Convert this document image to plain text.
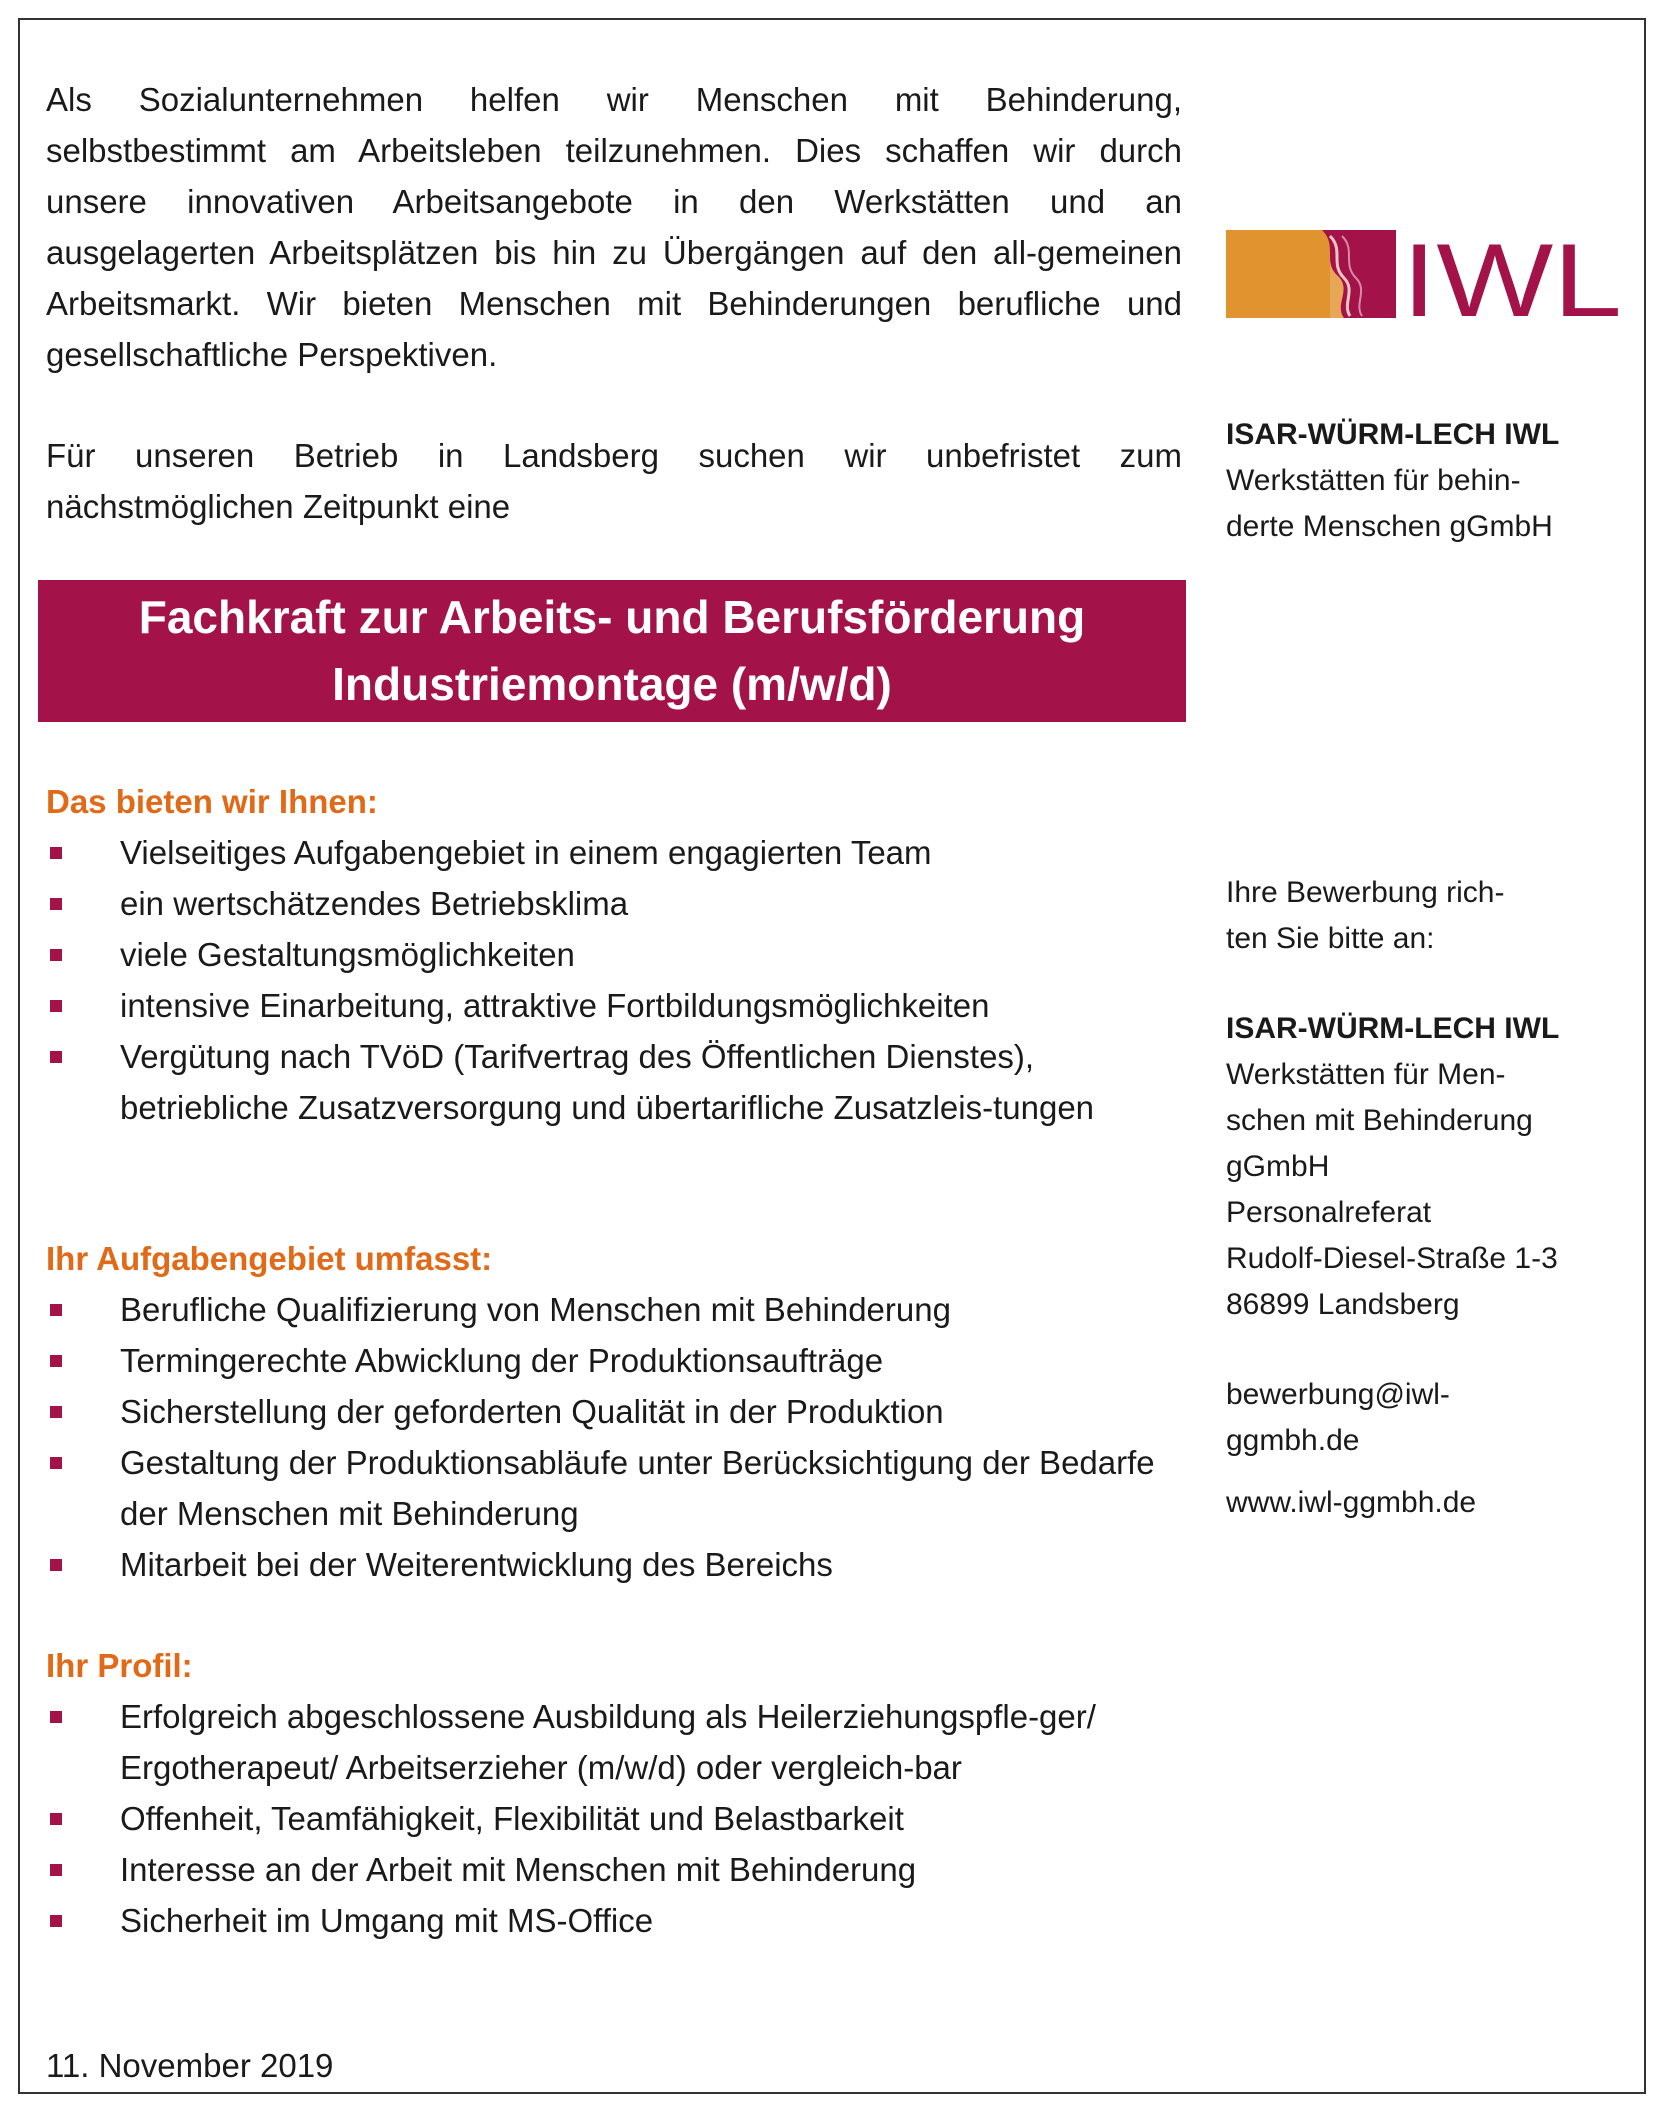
Als Sozialunternehmen helfen wir Menschen mit Behinderung, selbstbestimmt am Arbeitsleben teilzunehmen. Dies schaffen wir durch unsere innovativen Arbeitsangebote in den Werkstätten und an ausgelagerten Arbeitsplätzen bis hin zu Übergängen auf den all-gemeinen Arbeitsmarkt. Wir bieten Menschen mit Behinderungen berufliche und gesellschaftliche Perspektiven.

Für unseren Betrieb in Landsberg suchen wir unbefristet zum nächstmöglichen Zeitpunkt eine

Fachkraft zur Arbeits- und Berufsförderung
Industriemontage (m/w/d)

Das bieten wir Ihnen:

Vielseitiges Aufgabengebiet in einem engagierten Team
ein wertschätzendes Betriebsklima
viele Gestaltungsmöglichkeiten
intensive Einarbeitung, attraktive Fortbildungsmöglichkeiten
Vergütung nach TVöD (Tarifvertrag des Öffentlichen Dienstes), betriebliche Zusatzversorgung und übertarifliche Zusatzleis-tungen

Ihr Aufgabengebiet umfasst:

Berufliche Qualifizierung von Menschen mit Behinderung
Termingerechte Abwicklung der Produktionsaufträge
Sicherstellung der geforderten Qualität in der Produktion
Gestaltung der Produktionsabläufe unter Berücksichtigung der Bedarfe der Menschen mit Behinderung
Mitarbeit bei der Weiterentwicklung des Bereichs

Ihr Profil:

Erfolgreich abgeschlossene Ausbildung als Heilerziehungspfle-ger/ Ergotherapeut/ Arbeitserzieher (m/w/d) oder vergleich-bar
Offenheit, Teamfähigkeit, Flexibilität und Belastbarkeit
Interesse an der Arbeit mit Menschen mit Behinderung
Sicherheit im Umgang mit MS-Office
11. November 2019
IWL
ISAR-WÜRM-LECH IWL
Werkstätten für behin-
derte Menschen gGmbH
Ihre Bewerbung rich-
ten Sie bitte an:
ISAR-WÜRM-LECH IWL
Werkstätten für Men-
schen mit Behinderung
gGmbH
Personalreferat
Rudolf-Diesel-Straße 1-3
86899 Landsberg
bewerbung@iwl-
ggmbh.de
www.iwl-ggmbh.de
